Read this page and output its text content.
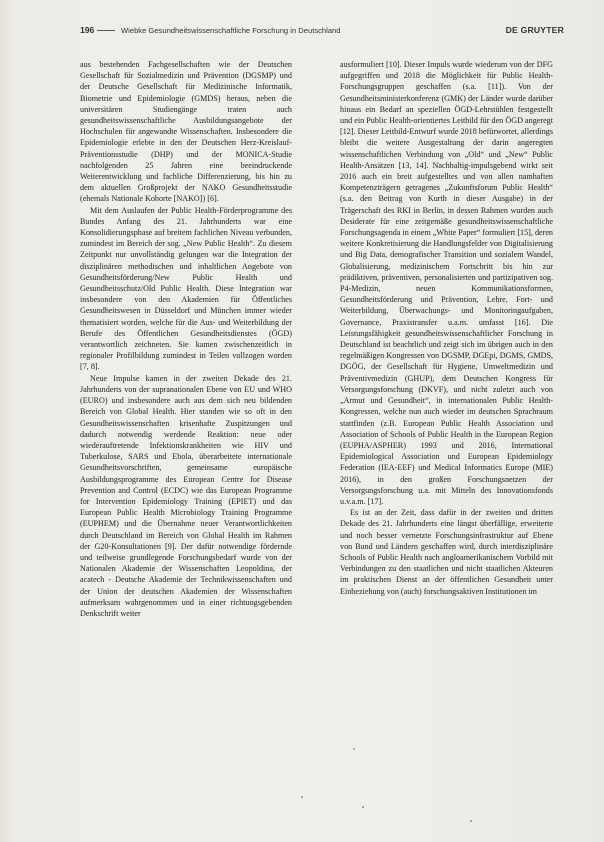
196	Wiebke Gesundheitswissenschaftliche Forschung in Deutschland	DE GRUYTER

aus bestehenden Fachgesellschaften wie der Deutschen Gesellschaft für Sozialmedizin und Prävention (DGSMP) und der Deutsche Gesellschaft für Medizinische Informatik, Biometrie und Epidemiologie (GMDS) heraus, neben die universitären Studiengänge traten auch gesundheitswissenschaftliche Ausbildungsangebote der Hochschulen für angewandte Wissenschaften. Insbesondere die Epidemiologie erlebte in den der Deutschen Herz-Kreislauf-Präventionsstudie (DHP) und der MONICA-Studie nachfolgenden 25 Jahren eine beeindruckende Weiterentwicklung und fachliche Differenzierung, bis hin zu dem aktuellen Großprojekt der NAKO Gesundheitsstudie (ehemals Nationale Kohorte [NAKO]) [6].

Mit dem Auslaufen der Public Health-Förderprogramme des Bundes Anfang des 21. Jahrhunderts war eine Konsolidierungsphase auf breitem fachlichen Niveau verbunden, zumindest im Bereich der sog. „New Public Health“. Zu diesem Zeitpunkt nur unvollständig gelungen war die Integration der disziplinären methodischen und inhaltlichen Angebote von Gesundheitsförderung/New Public Health und Gesundheitsschutz/Old Public Health. Diese Integration war insbesondere von den Akademien für Öffentliches Gesundheitswesen in Düsseldorf und München immer wieder thematisiert worden, welche für die Aus- und Weiterbildung der Berufe des Öffentlichen Gesundheitsdienstes (ÖGD) verantwortlich zeichneten. Sie kamen zwischenzeitlich in regionaler Profilbildung zumindest in Teilen vollzogen worden [7, 8].

Neue Impulse kamen in der zweiten Dekade des 21. Jahrhunderts von der supranationalen Ebene von EU und WHO (EURO) und insbesondere auch aus dem sich neu bildenden Bereich von Global Health. Hier standen wie so oft in den Gesundheitswissenschaften krisenhafte Zuspitzungen und dadurch notwendig werdende Reaktion: neue oder wiederauftretende Infektionskrankheiten wie HIV und Tuberkulose, SARS und Ebola, überarbeitete internationale Gesundheitsvorschriften, gemeinsame europäische Ausbildungsprogramme des European Centre for Disease Prevention and Control (ECDC) wie das European Programme for Intervention Epidemiology Training (EPIET) und das European Public Health Microbiology Training Programme (EUPHEM) und die Übernahme neuer Verantwortlichkeiten durch Deutschland im Bereich von Global Health im Rahmen der G20-Konsultationen [9]. Der dafür notwendige fördernde und teilweise grundlegende Forschungsbedarf wurde von der Nationalen Akademie der Wissenschaften Leopoldina, der acatech - Deutsche Akademie der Technikwissenschaften und der Union der deutschen Akademien der Wissenschaften aufmerksam wahrgenommen und in einer richtungsgebenden Denkschrift weiter

ausformuliert [10]. Dieser Impuls wurde wiederum von der DFG aufgegriffen und 2018 die Möglichkeit für Public Health-Forschungsgruppen geschaffen (s.a. [11]). Von der Gesundheitsministerkonferenz (GMK) der Länder wurde darüber hinaus ein Bedarf an speziellen ÖGD-Lehrstühlen festgestellt und ein Public Health-orientiertes Leitbild für den ÖGD angeregt [12]. Dieser Leitbild-Entwurf wurde 2018 befürwortet, allerdings bleibt die weitere Ausgestaltung der darin angeregten wissenschaftlichen Verbindung von „Old“ und „New“ Public Health-Ansätzen [13, 14]. Nachhaltig-impulsgebend wirkt seit 2016 auch ein breit aufgestelltes und von allen namhaften Kompetenzträgern getragenes „Zukunftsforum Public Health“ (s.a. den Beitrag von Kurth in dieser Ausgabe) in der Trägerschaft des RKI in Berlin, in dessen Rahmen wurden auch Desiderate für eine zeitgemäße gesundheitswissenschaftliche Forschungsagenda in einem „White Paper“ formuliert [15], deren weitere Konkretisierung die Handlungsfelder von Digitalisierung und Big Data, demografischer Transition und sozialem Wandel, Globalisierung, medizinischem Fortschritt bis hin zur prädiktiven, präventiven, personalisierten und partizipativen sog. P4-Medizin, neuen Kommunikationsformen, Gesundheitsförderung und Prävention, Lehre, Fort- und Weiterbildung, Überwachungs- und Monitoringaufgaben, Governance, Praxistransfer u.a.m. umfasst [16]. Die Leistungsfähigkeit gesundheitswissenschaftlicher Forschung in Deutschland ist beachtlich und zeigt sich im übrigen auch in den regelmäßigen Kongressen von DGSMP, DGEpi, DGMS, GMDS, DGÖG, der Gesellschaft für Hygiene, Umweltmedizin und Präventivmedizin (GHUP), dem Deutschen Kongress für Versorgungsforschung (DKVF), und nicht zuletzt auch von „Armut und Gesundheit“, in internationalen Public Health-Kongressen, welche nun auch wieder im deutschen Sprachraum stattfinden (z.B. European Public Health Association und Association of Schools of Public Health in the European Region (EUPHA/ASPHER) 1993 und 2016, International Epidemiological Association und European Epidemiology Federation (IEA-EEF) und Medical Informatics Europe (MIE) 2016), in den großen Forschungsnetzen der Versorgungsforschung u.a. mit Mitteln des Innovationsfonds u.v.a.m. [17].

Es ist an der Zeit, dass dafür in der zweiten und dritten Dekade des 21. Jahrhunderts eine längst überfällige, erweiterte und noch besser vernetzte Forschungsinfrastruktur auf Ebene von Bund und Ländern geschaffen wird, durch interdisziplinäre Schools of Public Health nach angloamerikanischem Vorbild mit Verbindungen zu den staatlichen und nicht staatlichen Akteuren im praktischen Dienst an der öffentlichen Gesundheit unter Einbeziehung von (auch) forschungsaktiven Institutionen im
